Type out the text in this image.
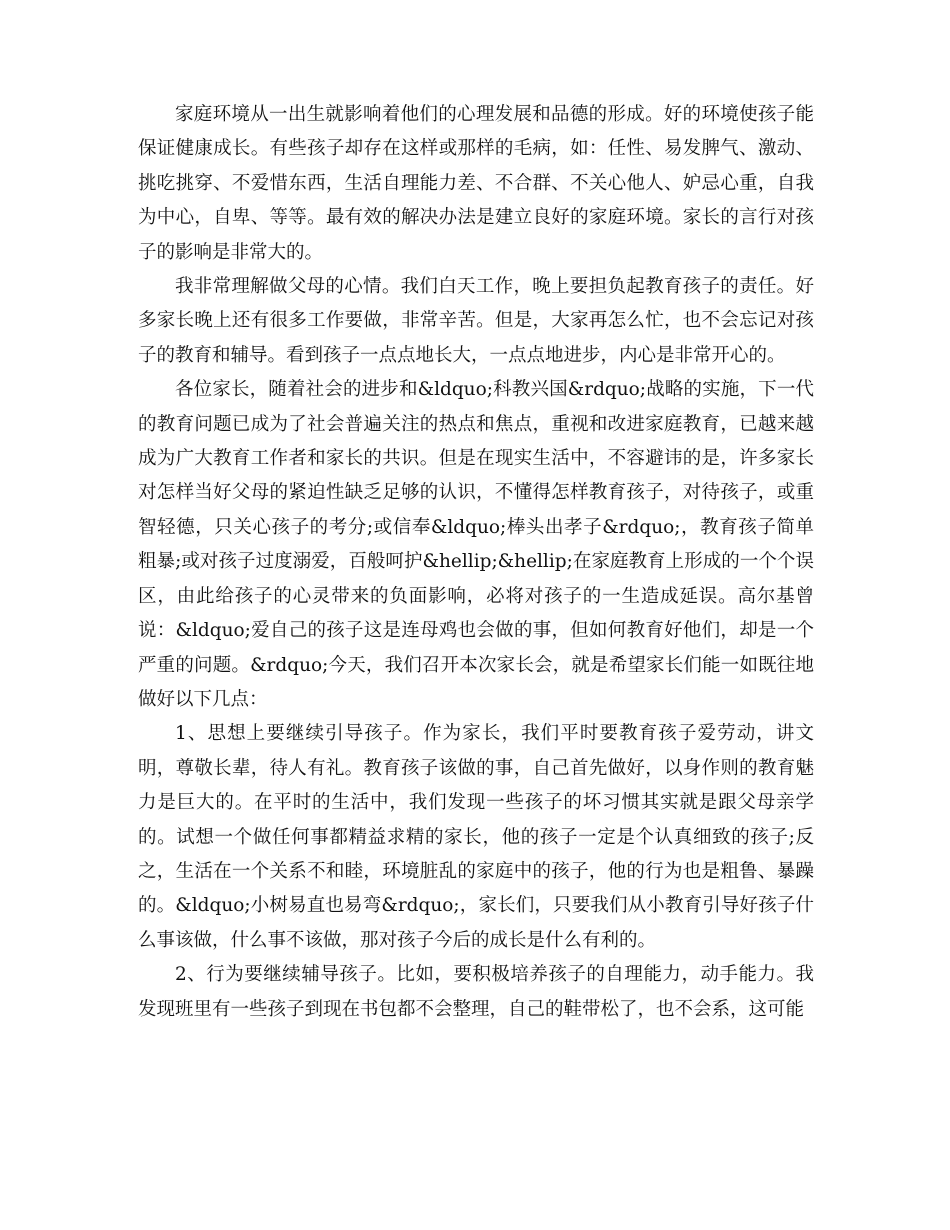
家庭环境从一出生就影响着他们的心理发展和品德的形成。好的环境使孩子能保证健康成长。有些孩子却存在这样或那样的毛病，如：任性、易发脾气、激动、挑吃挑穿、不爱惜东西，生活自理能力差、不合群、不关心他人、妒忌心重，自我为中心，自卑、等等。最有效的解决办法是建立良好的家庭环境。家长的言行对孩子的影响是非常大的。

我非常理解做父母的心情。我们白天工作，晚上要担负起教育孩子的责任。好多家长晚上还有很多工作要做，非常辛苦。但是，大家再怎么忙，也不会忘记对孩子的教育和辅导。看到孩子一点点地长大，一点点地进步，内心是非常开心的。

各位家长，随着社会的进步和&ldquo;科教兴国&rdquo;战略的实施，下一代的教育问题已成为了社会普遍关注的热点和焦点，重视和改进家庭教育，已越来越成为广大教育工作者和家长的共识。但是在现实生活中，不容避讳的是，许多家长对怎样当好父母的紧迫性缺乏足够的认识，不懂得怎样教育孩子，对待孩子，或重智轻德，只关心孩子的考分;或信奉&ldquo;棒头出孝子&rdquo;，教育孩子简单粗暴;或对孩子过度溺爱，百般呵护&hellip;&hellip;在家庭教育上形成的一个个误区，由此给孩子的心灵带来的负面影响，必将对孩子的一生造成延误。高尔基曾说：&ldquo;爱自己的孩子这是连母鸡也会做的事，但如何教育好他们，却是一个严重的问题。&rdquo;今天，我们召开本次家长会，就是希望家长们能一如既往地做好以下几点：

1、思想上要继续引导孩子。作为家长，我们平时要教育孩子爱劳动，讲文明，尊敬长辈，待人有礼。教育孩子该做的事，自己首先做好，以身作则的教育魅力是巨大的。在平时的生活中，我们发现一些孩子的坏习惯其实就是跟父母亲学的。试想一个做任何事都精益求精的家长，他的孩子一定是个认真细致的孩子;反之，生活在一个关系不和睦，环境脏乱的家庭中的孩子，他的行为也是粗鲁、暴躁的。&ldquo;小树易直也易弯&rdquo;，家长们，只要我们从小教育引导好孩子什么事该做，什么事不该做，那对孩子今后的成长是什么有利的。

2、行为要继续辅导孩子。比如，要积极培养孩子的自理能力，动手能力。我发现班里有一些孩子到现在书包都不会整理，自己的鞋带松了，也不会系，这可能
